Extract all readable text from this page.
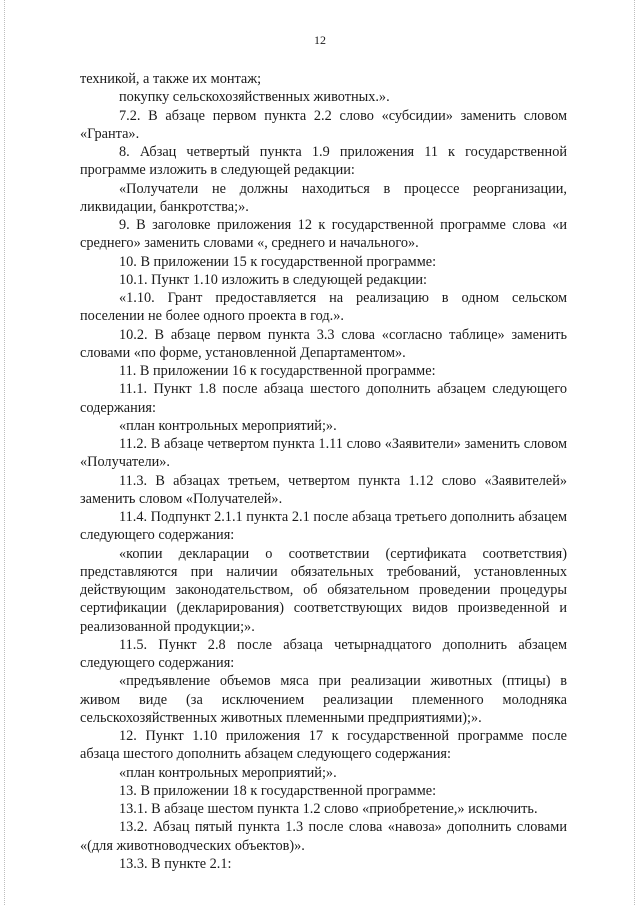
12

техникой, а также их монтаж;

покупку сельскохозяйственных животных.».

7.2. В абзаце первом пункта 2.2 слово «субсидии» заменить словом «Гранта».

8. Абзац четвертый пункта 1.9 приложения 11 к государственной программе изложить в следующей редакции:

«Получатели не должны находиться в процессе реорганизации, ликвидации, банкротства;».

9. В заголовке приложения 12 к государственной программе слова «и среднего» заменить словами «, среднего и начального».

10. В приложении 15 к государственной программе:

10.1. Пункт 1.10 изложить в следующей редакции:

«1.10. Грант предоставляется на реализацию в одном сельском поселении не более одного проекта в год.».

10.2. В абзаце первом пункта 3.3 слова «согласно таблице» заменить словами «по форме, установленной Департаментом».

11. В приложении 16 к государственной программе:

11.1. Пункт 1.8 после абзаца шестого дополнить абзацем следующего содержания:

«план контрольных мероприятий;».

11.2. В абзаце четвертом пункта 1.11 слово «Заявители» заменить словом «Получатели».

11.3. В абзацах третьем, четвертом пункта 1.12 слово «Заявителей» заменить словом «Получателей».

11.4. Подпункт 2.1.1 пункта 2.1 после абзаца третьего дополнить абзацем следующего содержания:

«копии декларации о соответствии (сертификата соответствия) представляются при наличии обязательных требований, установленных действующим законодательством, об обязательном проведении процедуры сертификации (декларирования) соответствующих видов произведенной и реализованной продукции;».

11.5. Пункт 2.8 после абзаца четырнадцатого дополнить абзацем следующего содержания:

«предъявление объемов мяса при реализации животных (птицы) в живом виде (за исключением реализации племенного молодняка сельскохозяйственных животных племенными предприятиями);».

12. Пункт 1.10 приложения 17 к государственной программе после абзаца шестого дополнить абзацем следующего содержания:

«план контрольных мероприятий;».

13. В приложении 18 к государственной программе:

13.1. В абзаце шестом пункта 1.2 слово «приобретение,» исключить.

13.2. Абзац пятый пункта 1.3 после слова «навоза» дополнить словами «(для животноводческих объектов)».

13.3. В пункте 2.1:
